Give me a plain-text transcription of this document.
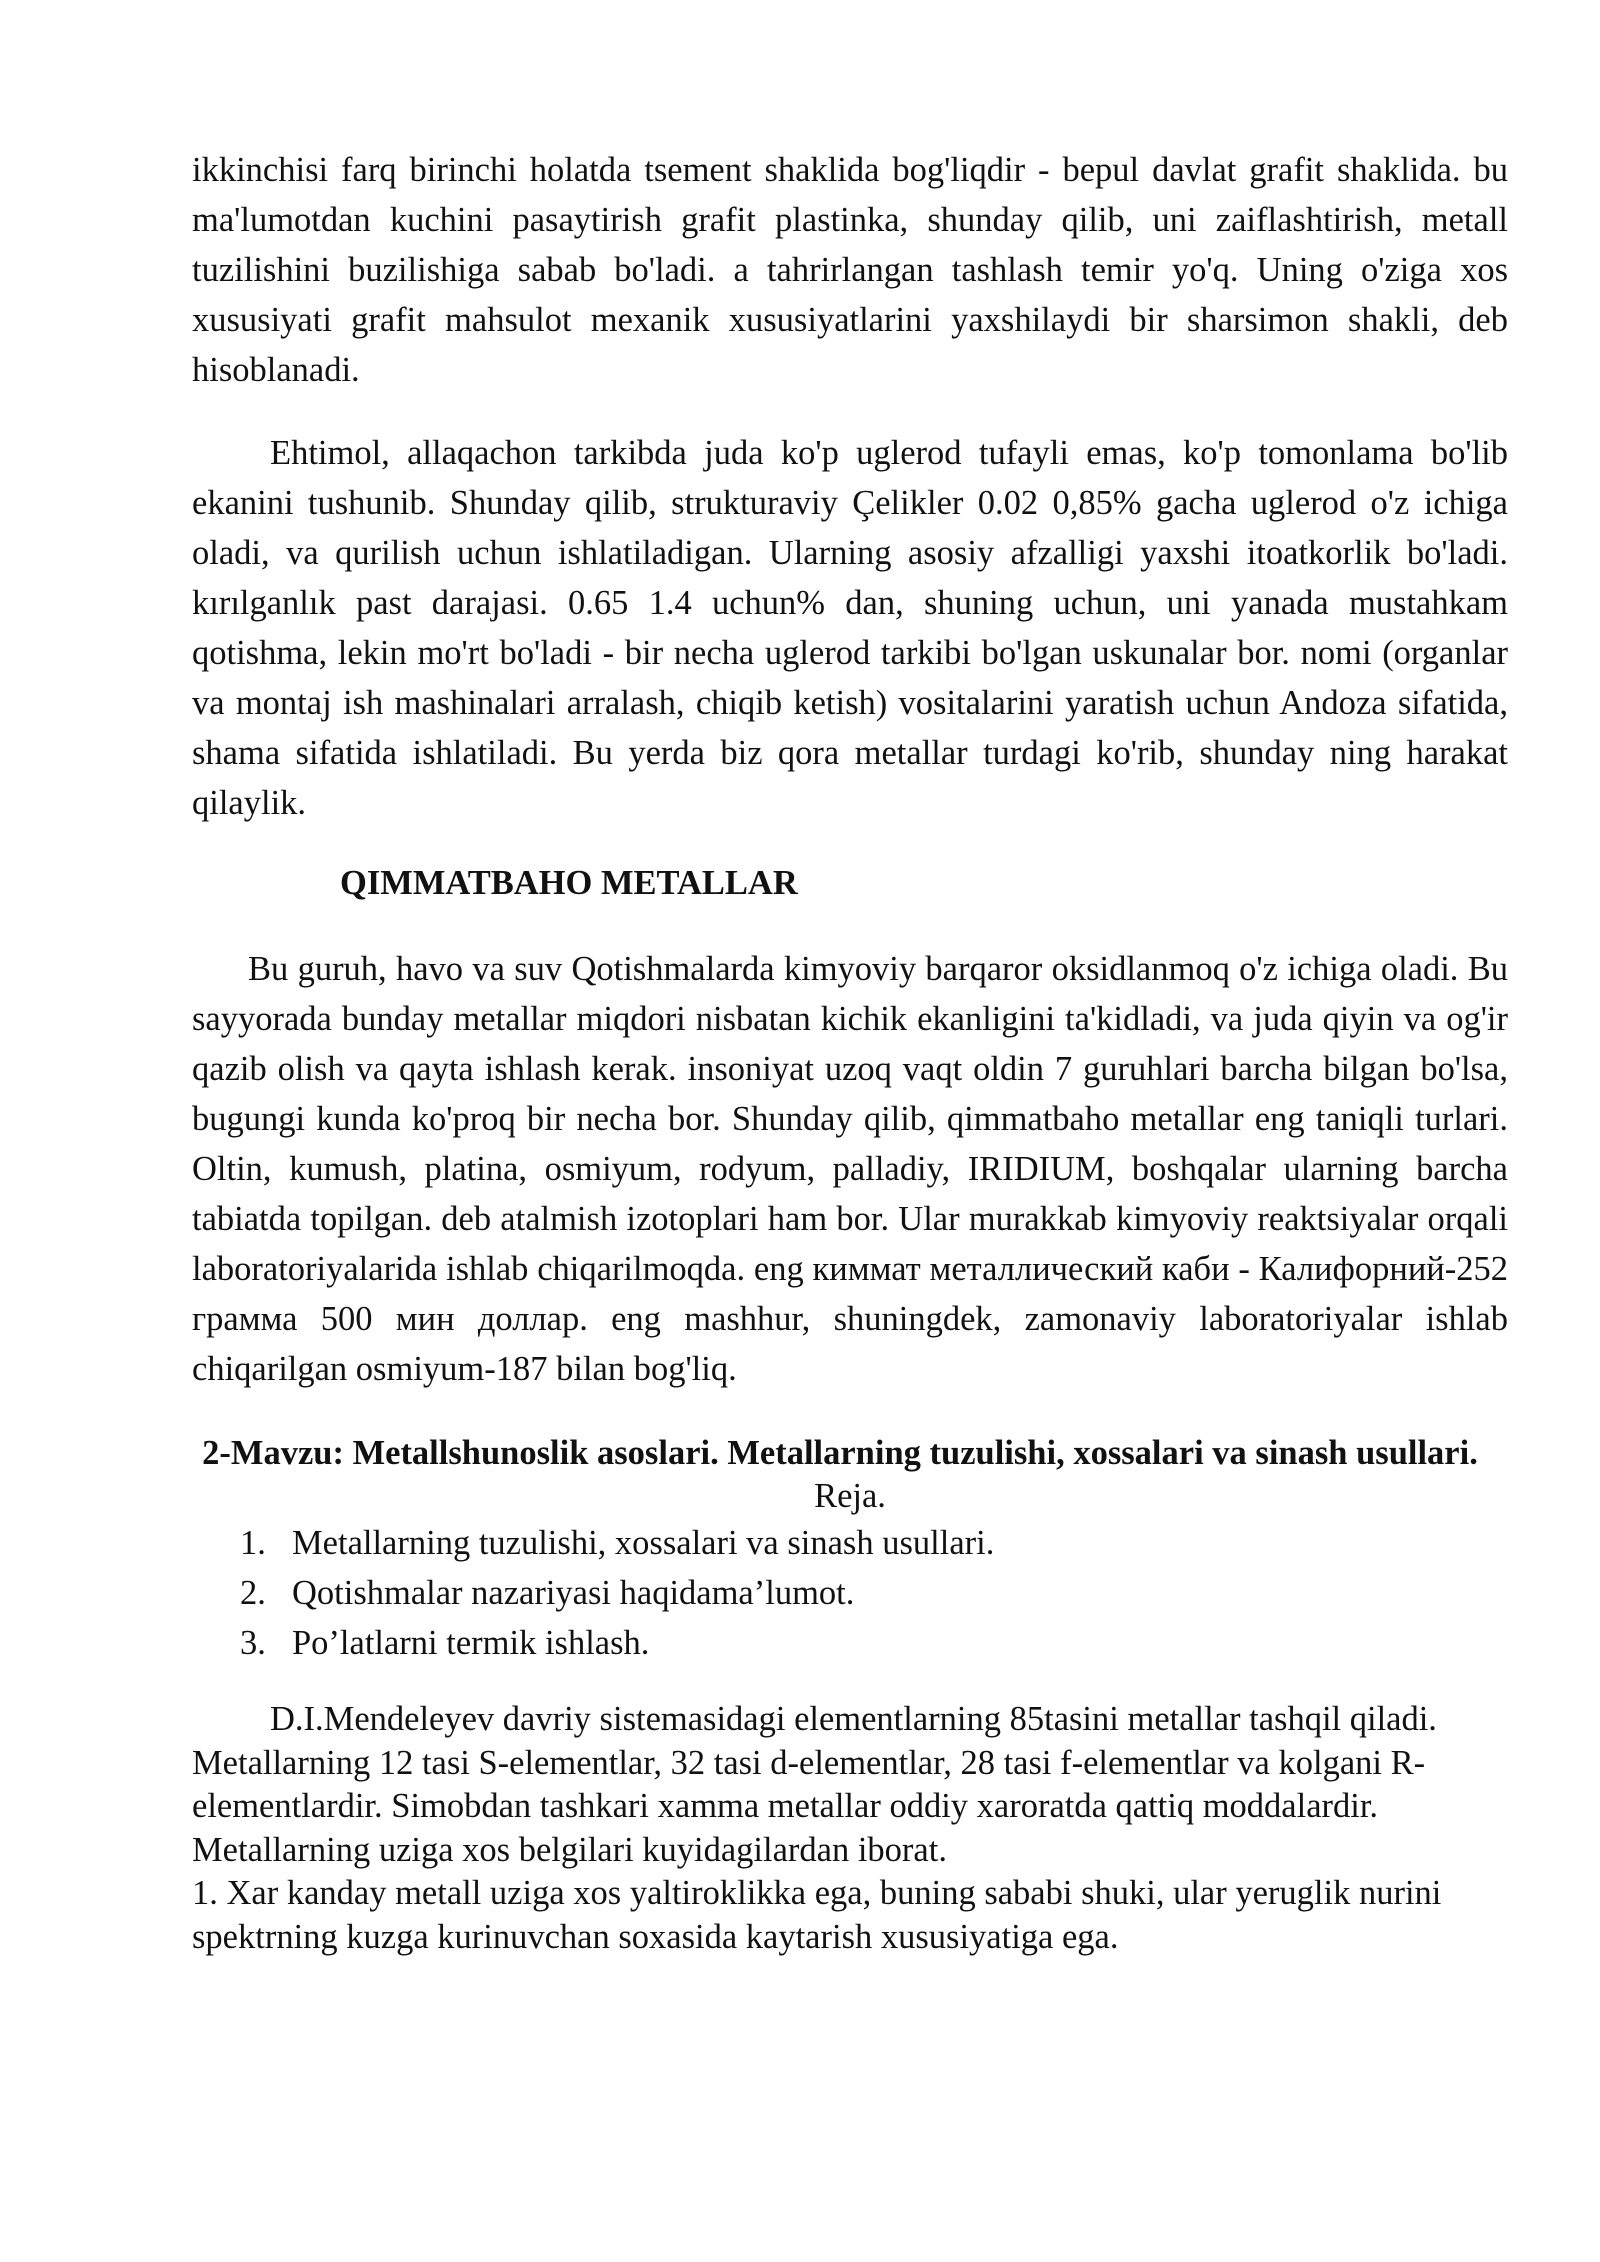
ikkinchisi farq birinchi holatda tsement shaklida bog'liqdir - bepul davlat grafit shaklida. bu ma'lumotdan kuchini pasaytirish grafit plastinka, shunday qilib, uni zaiflashtirish, metall tuzilishini buzilishiga sabab bo'ladi. a tahrirlangan tashlash temir yo'q. Uning o'ziga xos xususiyati grafit mahsulot mexanik xususiyatlarini yaxshilaydi bir sharsimon shakli, deb hisoblanadi.

Ehtimol, allaqachon tarkibda juda ko'p uglerod tufayli emas, ko'p tomonlama bo'lib ekanini tushunib. Shunday qilib, strukturaviy Çelikler 0.02 0,85% gacha uglerod o'z ichiga oladi, va qurilish uchun ishlatiladigan. Ularning asosiy afzalligi yaxshi itoatkorlik bo'ladi. kırılganlık past darajasi. 0.65 1.4 uchun% dan, shuning uchun, uni yanada mustahkam qotishma, lekin mo'rt bo'ladi - bir necha uglerod tarkibi bo'lgan uskunalar bor. nomi (organlar va montaj ish mashinalari arralash, chiqib ketish) vositalarini yaratish uchun Andoza sifatida, shama sifatida ishlatiladi. Bu yerda biz qora metallar turdagi ko'rib, shunday ning harakat qilaylik.

QIMMATBAHO METALLAR

Bu guruh, havo va suv Qotishmalarda kimyoviy barqaror oksidlanmoq o'z ichiga oladi. Bu sayyorada bunday metallar miqdori nisbatan kichik ekanligini ta'kidladi, va juda qiyin va og'ir qazib olish va qayta ishlash kerak. insoniyat uzoq vaqt oldin 7 guruhlari barcha bilgan bo'lsa, bugungi kunda ko'proq bir necha bor. Shunday qilib, qimmatbaho metallar eng taniqli turlari. Oltin, kumush, platina, osmiyum, rodyum, palladiy, IRIDIUM, boshqalar ularning barcha tabiatda topilgan. deb atalmish izotoplari ham bor. Ular murakkab kimyoviy reaktsiyalar orqali laboratoriyalarida ishlab chiqarilmoqda. eng киммат металлический каби - Калифорний-252 грамма 500 мин доллар. eng mashhur, shuningdek, zamonaviy laboratoriyalar ishlab chiqarilgan osmiyum-187 bilan bog'liq.

2-Mavzu: Metallshunoslik asoslari. Metallarning tuzulishi, xossalari va sinash usullari.

Reja.

1. Metallarning tuzulishi, xossalari va sinash usullari.
2. Qotishmalar nazariyasi haqidama’lumot.
3. Po’latlarni termik ishlash.

D.I.Mendeleyev davriy sistemasidagi elementlarning 85tasini metallar tashqil qiladi. Metallarning 12 tasi S-elementlar, 32 tasi d-elementlar, 28 tasi f-elementlar va kolgani R-elementlardir. Simobdan tashkari xamma metallar oddiy xaroratda qattiq moddalardir. Metallarning uziga xos belgilari kuyidagilardan iborat.

1. Xar kanday metall uziga xos yaltiroklikka ega, buning sababi shuki, ular yeruglik nurini spektrning kuzga kurinuvchan soxasida kaytarish xususiyatiga ega.
